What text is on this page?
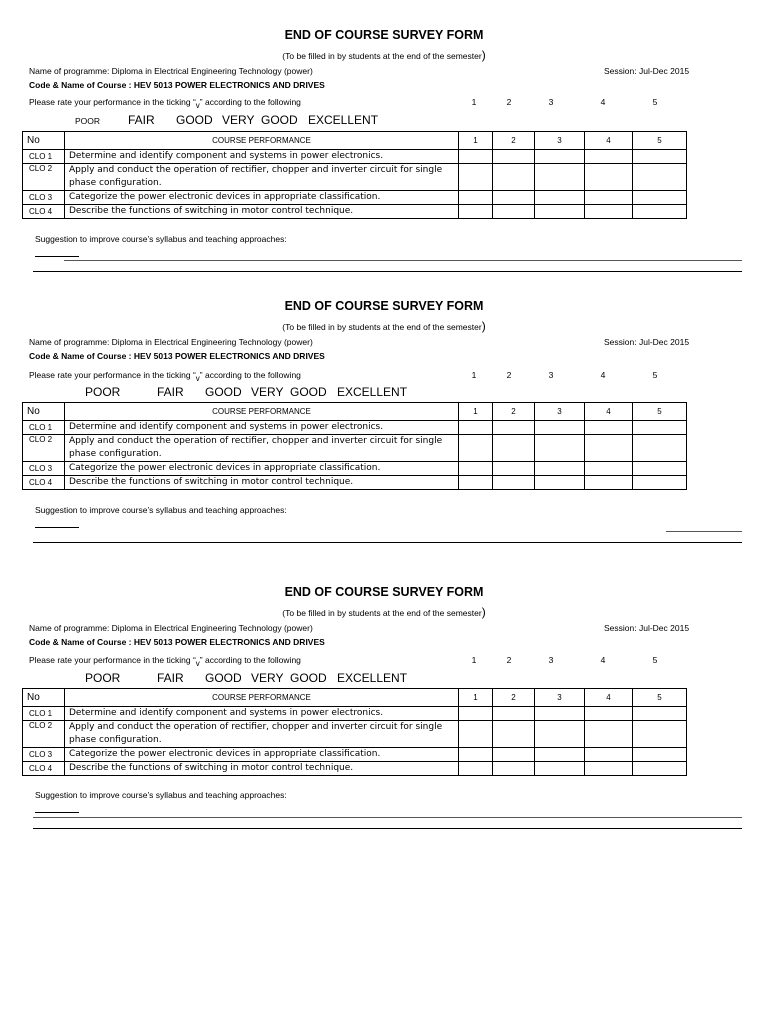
END OF COURSE SURVEY FORM
(To be filled in by students at the end of the semester)
Name of programme: Diploma in Electrical Engineering Technology (power)	Session: Jul-Dec 2015
Code & Name of Course : HEV 5013 POWER ELECTRONICS AND DRIVES
Please rate your performance in the ticking “v” according to the following	1	2	3	4	5
POOR FAIR GOOD VERY GOOD EXCELLENT
No	COURSE PERFORMANCE	1	2	3	4	5
CLO 1	Determine and identify component and systems in power electronics.					
CLO 2	Apply and conduct the operation of rectifier, chopper and inverter circuit for single phase configuration.					
CLO 3	Categorize the power electronic devices in appropriate classification.					
CLO 4	Describe the functions of switching in motor control technique.					
Suggestion to improve course’s syllabus and teaching approaches:
END OF COURSE SURVEY FORM
(To be filled in by students at the end of the semester)
Name of programme: Diploma in Electrical Engineering Technology (power)	Session: Jul-Dec 2015
Code & Name of Course : HEV 5013 POWER ELECTRONICS AND DRIVES
Please rate your performance in the ticking “v” according to the following	1	2	3	4	5
POOR	FAIR GOOD VERY GOOD EXCELLENT
No	COURSE PERFORMANCE	1	2	3	4	5
CLO 1	Determine and identify component and systems in power electronics.					
CLO 2	Apply and conduct the operation of rectifier, chopper and inverter circuit for single phase configuration.					
CLO 3	Categorize the power electronic devices in appropriate classification.					
CLO 4	Describe the functions of switching in motor control technique.					
Suggestion to improve course’s syllabus and teaching approaches:
END OF COURSE SURVEY FORM
(To be filled in by students at the end of the semester)
Name of programme: Diploma in Electrical Engineering Technology (power)	Session: Jul-Dec 2015
Code & Name of Course : HEV 5013 POWER ELECTRONICS AND DRIVES
Please rate your performance in the ticking “v” according to the following	1	2	3	4	5
POOR	FAIR GOOD VERY GOOD EXCELLENT
No	COURSE PERFORMANCE	1	2	3	4	5
CLO 1	Determine and identify component and systems in power electronics.					
CLO 2	Apply and conduct the operation of rectifier, chopper and inverter circuit for single phase configuration.					
CLO 3	Categorize the power electronic devices in appropriate classification.					
CLO 4	Describe the functions of switching in motor control technique.					
Suggestion to improve course’s syllabus and teaching approaches:
